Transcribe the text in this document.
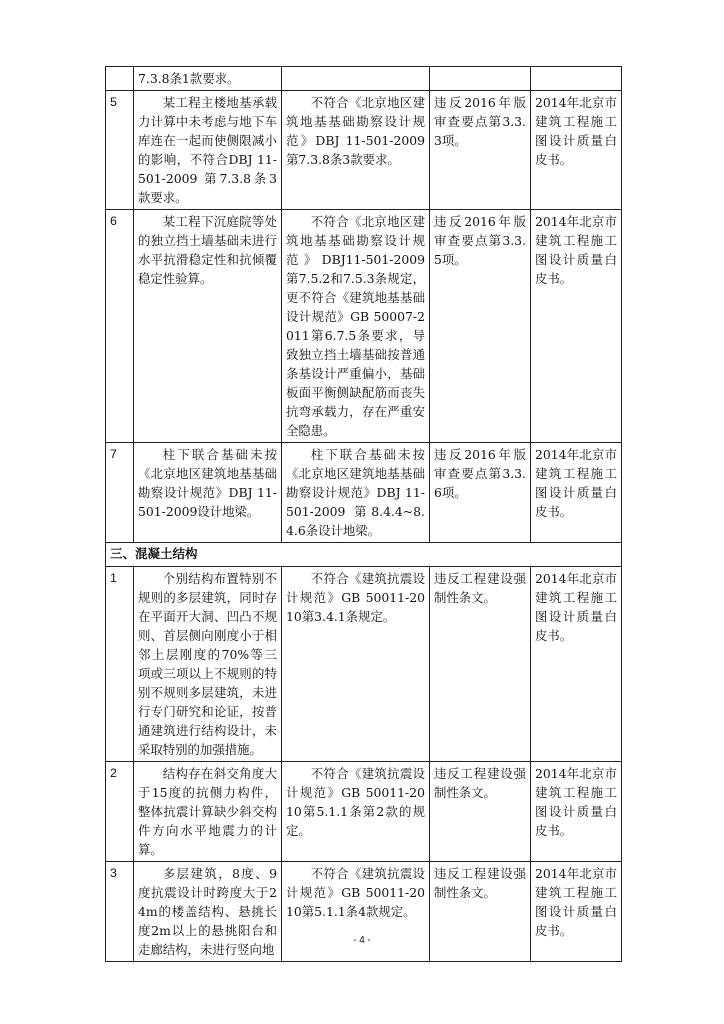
	7.3.8条1款要求。			
5	某工程主楼地基承载力计算中未考虑与地下车库连在一起而使侧限减小的影响，不符合DBJ 11-501-2009 第7.3.8条3款要求。	不符合《北京地区建筑地基基础勘察设计规范》DBJ 11-501-2009第7.3.8条3款要求。	违反2016年版审查要点第3.3.3项。	2014年北京市建筑工程施工图设计质量白皮书。
6	某工程下沉庭院等处的独立挡土墙基础未进行水平抗滑稳定性和抗倾覆稳定性验算。	不符合《北京地区建筑地基基础勘察设计规范》DBJ11-501-2009第7.5.2和7.5.3条规定，更不符合《建筑地基基础设计规范》GB 50007-2011第6.7.5条要求，导致独立挡土墙基础按普通条基设计严重偏小，基础板面平衡侧缺配筋而丧失抗弯承载力，存在严重安全隐患。	违反2016年版审查要点第3.3.5项。	2014年北京市建筑工程施工图设计质量白皮书。
7	柱下联合基础未按《北京地区建筑地基基础勘察设计规范》DBJ 11-501-2009设计地梁。	柱下联合基础未按《北京地区建筑地基基础勘察设计规范》DBJ 11-501-2009 第8.4.4~8.4.6条设计地梁。	违反2016年版审查要点第3.3.6项。	2014年北京市建筑工程施工图设计质量白皮书。
三、混凝土结构				
1	个别结构布置特别不规则的多层建筑，同时存在平面开大洞、凹凸不规则、首层侧向刚度小于相邻上层刚度的70%等三项或三项以上不规则的特别不规则多层建筑，未进行专门研究和论证，按普通建筑进行结构设计，未采取特别的加强措施。	不符合《建筑抗震设计规范》GB 50011-2010第3.4.1条规定。	违反工程建设强制性条文。	2014年北京市建筑工程施工图设计质量白皮书。
2	结构存在斜交角度大于15度的抗侧力构件，整体抗震计算缺少斜交构件方向水平地震力的计算。	不符合《建筑抗震设计规范》GB 50011-2010第5.1.1条第2款的规定。	违反工程建设强制性条文。	2014年北京市建筑工程施工图设计质量白皮书。
3	多层建筑，8度、9度抗震设计时跨度大于24m的楼盖结构、悬挑长度2m以上的悬挑阳台和走廊结构，未进行竖向地	不符合《建筑抗震设计规范》GB 50011-2010第5.1.1条4款规定。	违反工程建设强制性条文。	2014年北京市建筑工程施工图设计质量白皮书。
- 4 -
